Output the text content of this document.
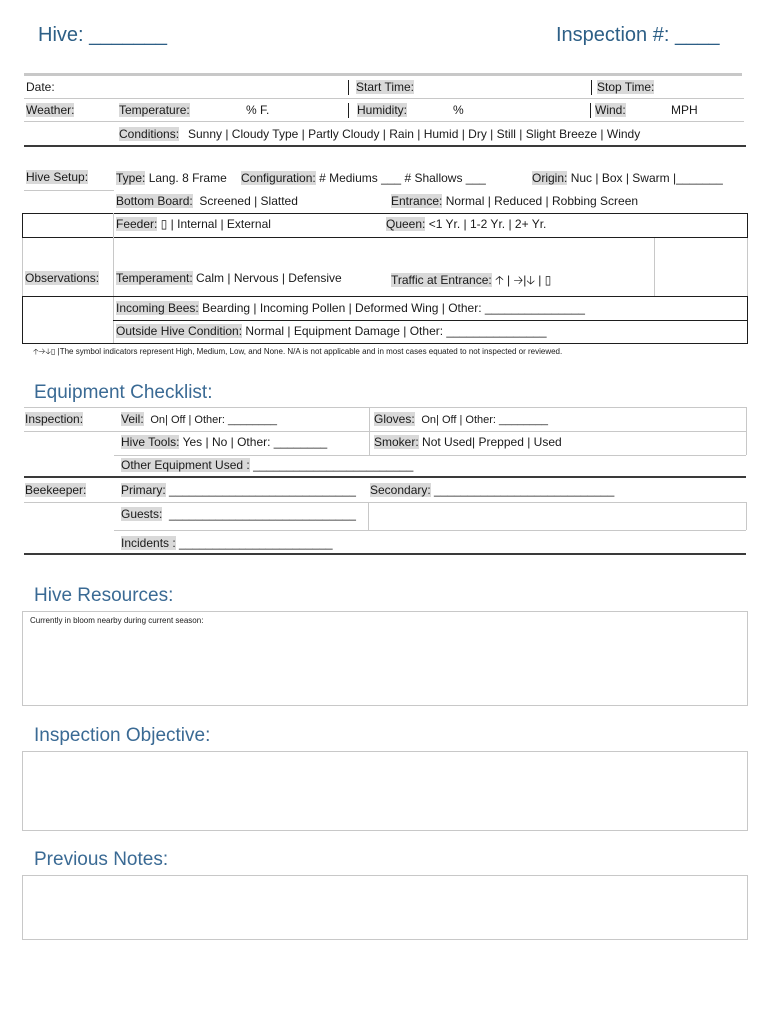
Hive: _______	Inspection #: ____
Date:	Start Time:	Stop Time:
Weather:	Temperature:	% F.	Humidity:	%	Wind:	MPH
Conditions: Sunny | Cloudy Type | Partly Cloudy | Rain | Humid | Dry | Still | Slight Breeze | Windy
Hive Setup: Type: Lang. 8 Frame Configuration: # Mediums ___ # Shallows ___	Origin: Nuc | Box | Swarm |_______
Bottom Board: Screened | Slatted	Entrance: Normal | Reduced | Robbing Screen
Feeder: ▯ | Internal | External	Queen: <1 Yr. | 1-2 Yr. | 2+ Yr.
Observations: Temperament: Calm | Nervous | Defensive	Traffic at Entrance: 🡡 | 🡢|🡣 | ▯
Incoming Bees: Bearding | Incoming Pollen | Deformed Wing | Other: _______________
Outside Hive Condition: Normal | Equipment Damage | Other: _______________
🡡🡢🡣▯ |The symbol indicators represent High, Medium, Low, and None. N/A is not applicable and in most cases equated to not inspected or reviewed.
Equipment Checklist:
Inspection:	Veil: On| Off | Other: ________	Gloves: On| Off | Other: ________
Hive Tools: Yes | No | Other: ________	Smoker: Not Used| Prepped | Used
Other Equipment Used : ________________________
Beekeeper:	Primary: ____________________________ Secondary: ___________________________
Guests: ____________________________
Incidents : _______________________
Hive Resources:
Currently in bloom nearby during current season:
Inspection Objective:
Previous Notes:
